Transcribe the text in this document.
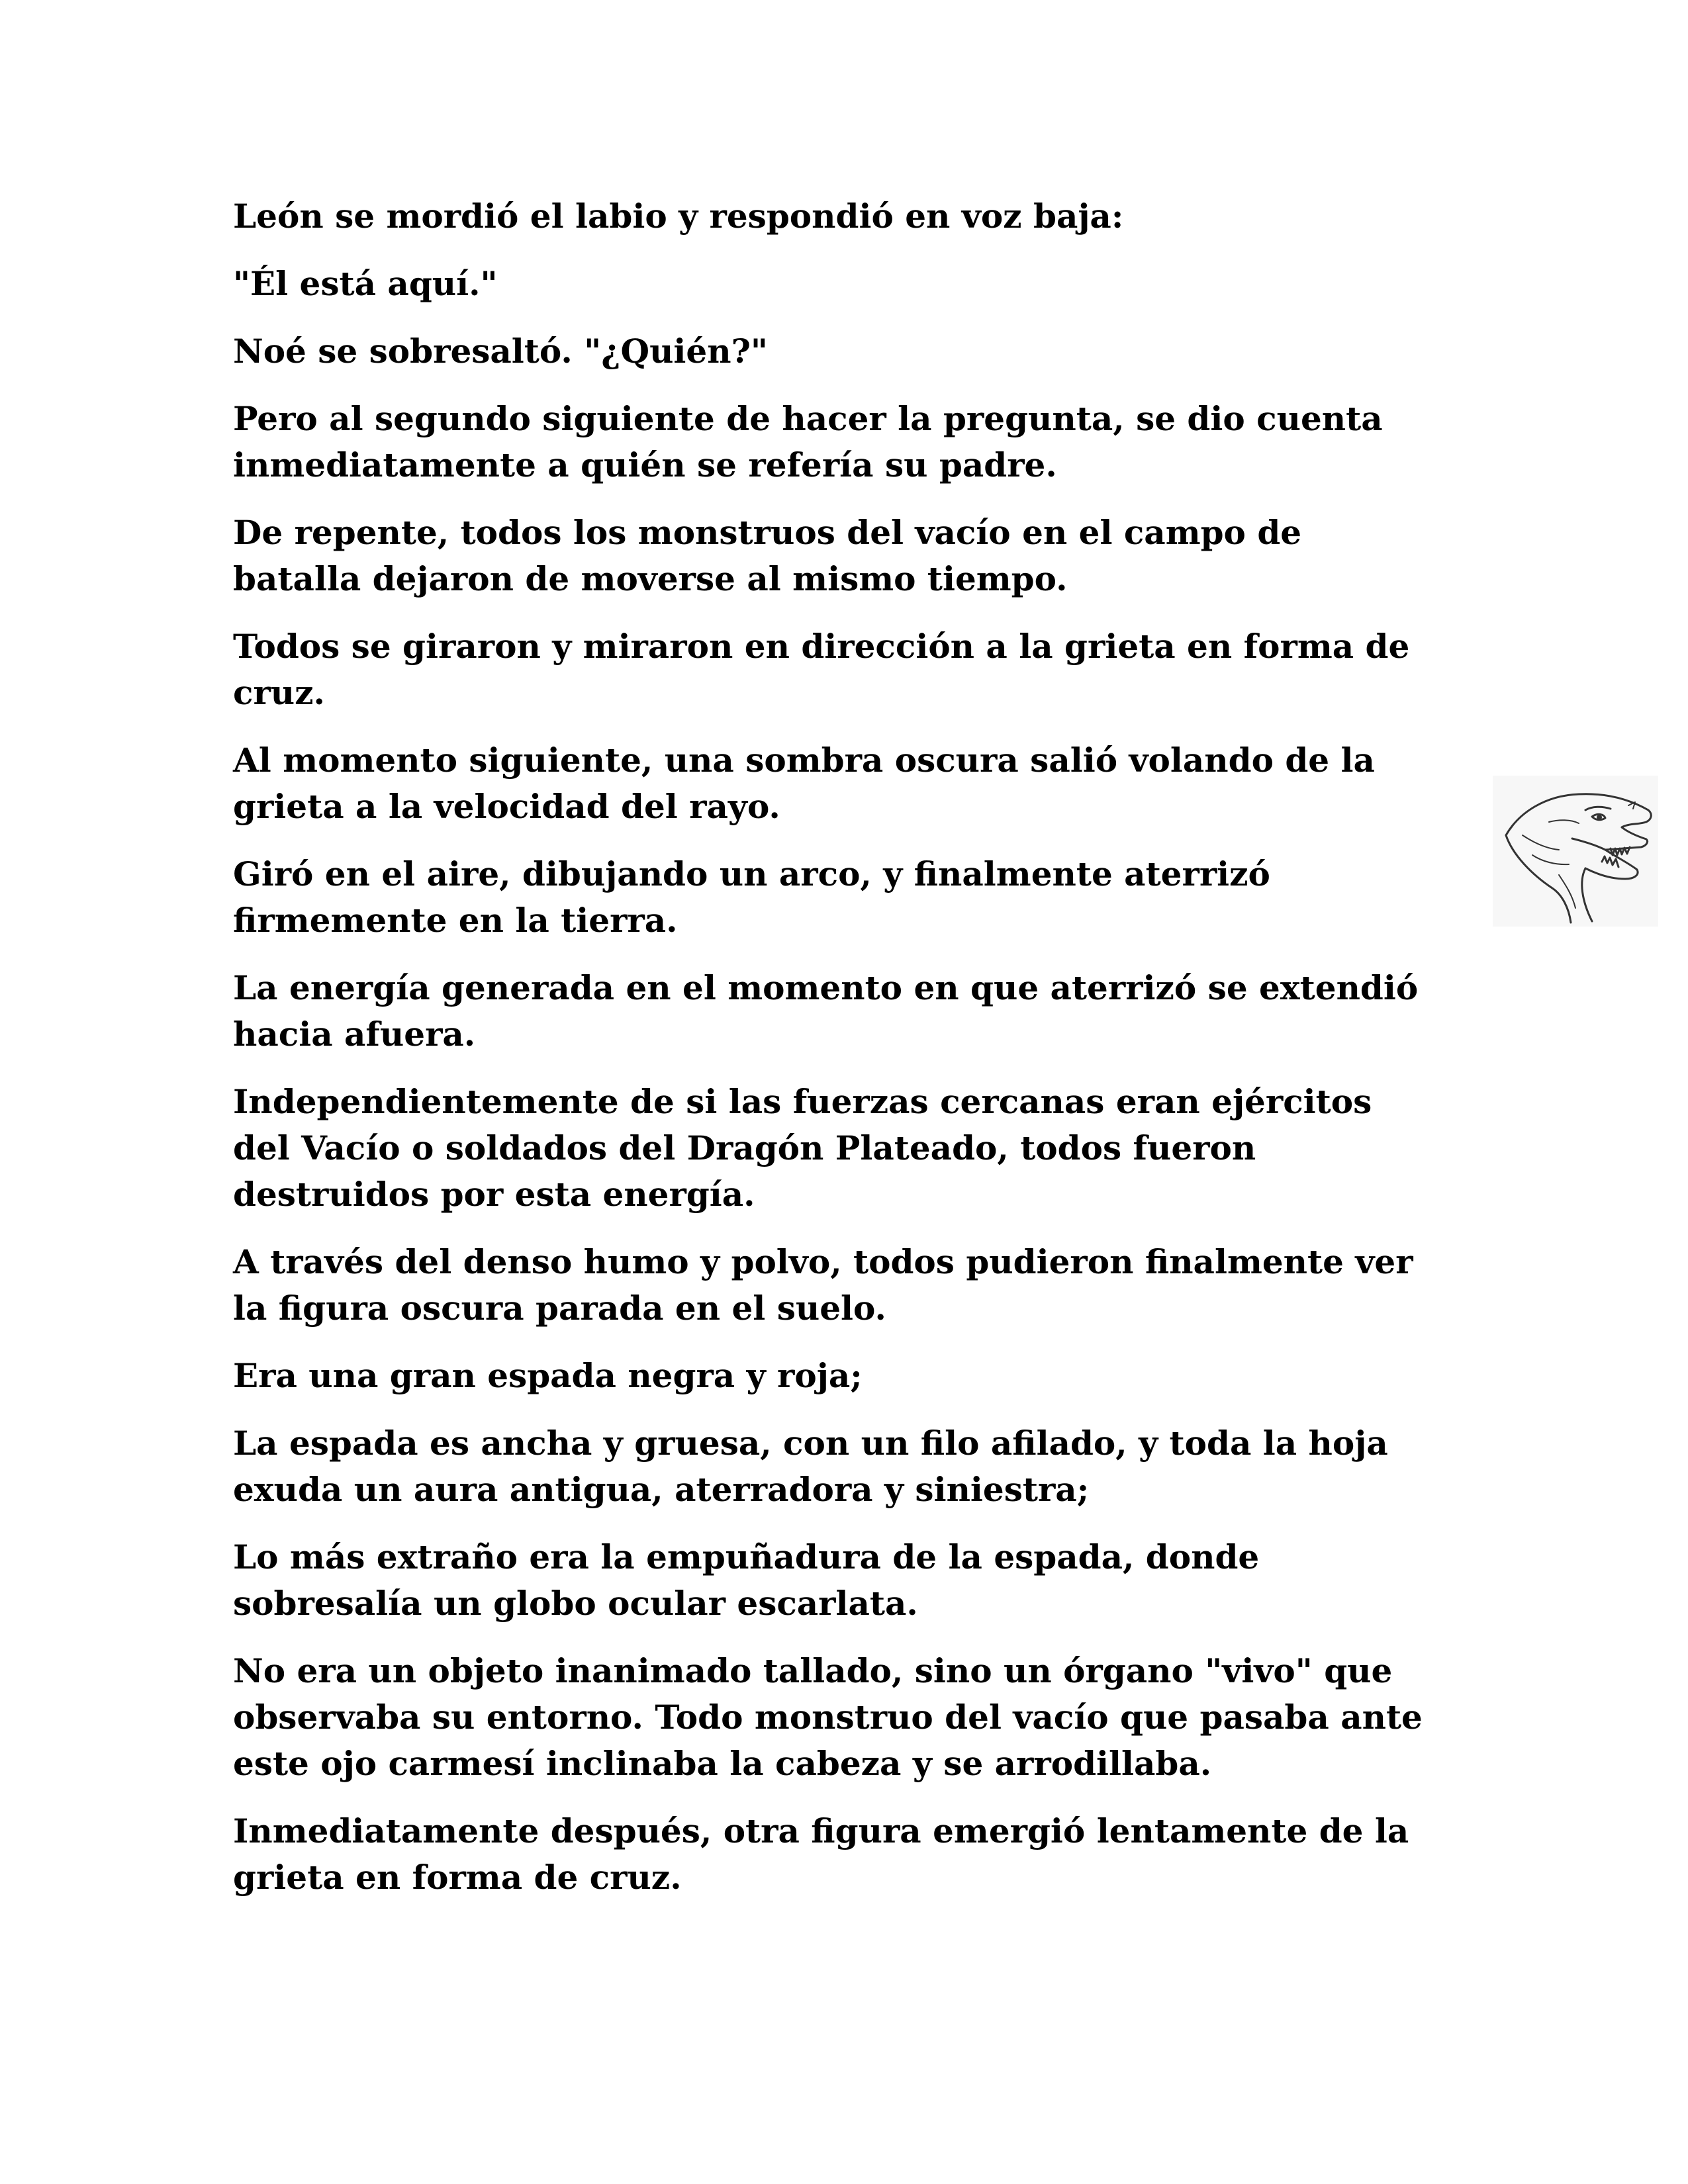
León se mordió el labio y respondió en voz baja:

"Él está aquí."

Noé se sobresaltó. "¿Quién?"

Pero al segundo siguiente de hacer la pregunta, se dio cuenta inmediatamente a quién se refería su padre.

De repente, todos los monstruos del vacío en el campo de batalla dejaron de moverse al mismo tiempo.

Todos se giraron y miraron en dirección a la grieta en forma de cruz.

Al momento siguiente, una sombra oscura salió volando de la grieta a la velocidad del rayo.

Giró en el aire, dibujando un arco, y finalmente aterrizó firmemente en la tierra.

La energía generada en el momento en que aterrizó se extendió hacia afuera.

Independientemente de si las fuerzas cercanas eran ejércitos del Vacío o soldados del Dragón Plateado, todos fueron destruidos por esta energía.

A través del denso humo y polvo, todos pudieron finalmente ver la figura oscura parada en el suelo.

Era una gran espada negra y roja;

La espada es ancha y gruesa, con un filo afilado, y toda la hoja exuda un aura antigua, aterradora y siniestra;

Lo más extraño era la empuñadura de la espada, donde sobresalía un globo ocular escarlata.

No era un objeto inanimado tallado, sino un órgano "vivo" que observaba su entorno. Todo monstruo del vacío que pasaba ante este ojo carmesí inclinaba la cabeza y se arrodillaba.

Inmediatamente después, otra figura emergió lentamente de la grieta en forma de cruz.
